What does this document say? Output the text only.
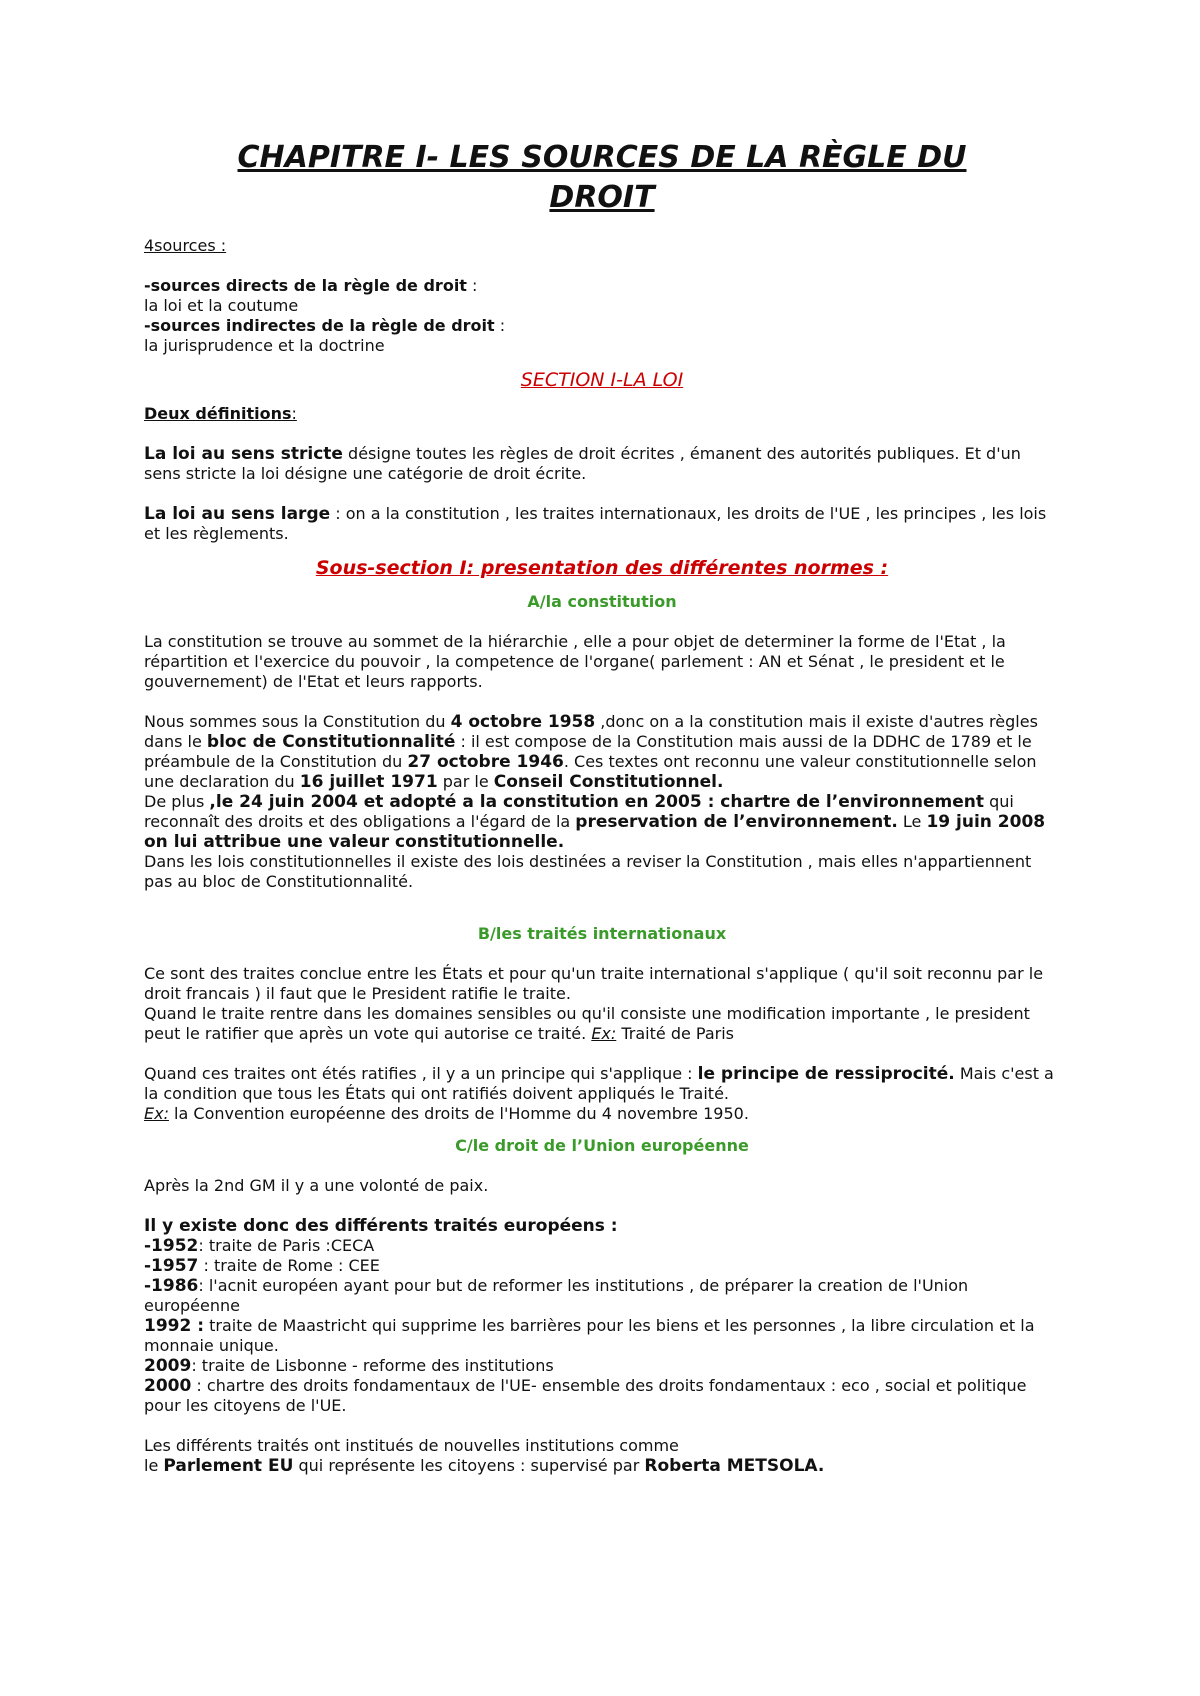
CHAPITRE I- LES SOURCES DE LA RÈGLE DU
DROIT

4sources :

-sources directs de la règle de droit :

la loi et la coutume

-sources indirectes de la règle de droit :

la jurisprudence et la doctrine

SECTION I-LA LOI

Deux définitions:

La loi au sens stricte désigne toutes les règles de droit écrites , émanent des autorités publiques. Et d'un sens stricte la loi désigne une catégorie de droit écrite.

La loi au sens large : on a la constitution , les traites internationaux, les droits de l'UE , les principes , les lois et les règlements.

Sous-section I: presentation des différentes normes :

A/la constitution

La constitution se trouve au sommet de la hiérarchie , elle a pour objet de determiner la forme de l'Etat , la répartition et l'exercice du pouvoir , la competence de l'organe( parlement : AN et Sénat , le president et le gouvernement) de l'Etat et leurs rapports.

Nous sommes sous la Constitution du 4 octobre 1958 ,donc on a la constitution mais il existe d'autres règles dans le bloc de Constitutionnalité : il est compose de la Constitution mais aussi de la DDHC de 1789 et le préambule de la Constitution du 27 octobre 1946. Ces textes ont reconnu une valeur constitutionnelle selon une declaration du 16 juillet 1971 par le Conseil Constitutionnel.

De plus ,le 24 juin 2004 et adopté a la constitution en 2005 : chartre de l’environnement qui reconnaît des droits et des obligations a l'égard de la preservation de l’environnement. Le 19 juin 2008 on lui attribue une valeur constitutionnelle.

Dans les lois constitutionnelles il existe des lois destinées a reviser la Constitution , mais elles n'appartiennent pas au bloc de Constitutionnalité.

B/les traités internationaux

Ce sont des traites conclue entre les États et pour qu'un traite international s'applique ( qu'il soit reconnu par le droit francais ) il faut que le President ratifie le traite.
Quand le traite rentre dans les domaines sensibles ou qu'il consiste une modification importante , le president peut le ratifier que après un vote qui autorise ce traité. Ex: Traité de Paris

Quand ces traites ont étés ratifies , il y a un principe qui s'applique : le principe de ressiprocité. Mais c'est a la condition que tous les États qui ont ratifiés doivent appliqués le Traité.
Ex: la Convention européenne des droits de l'Homme du 4 novembre 1950.

C/le droit de l’Union européenne

Après la 2nd GM il y a une volonté de paix.

Il y existe donc des différents traités européens :

-1952: traite de Paris :CECA

-1957 : traite de Rome : CEE

-1986: l'acnit européen ayant pour but de reformer les institutions , de préparer la creation de l'Union européenne

1992 : traite de Maastricht qui supprime les barrières pour les biens et les personnes , la libre circulation et la monnaie unique.

2009: traite de Lisbonne - reforme des institutions

2000 : chartre des droits fondamentaux de l'UE- ensemble des droits fondamentaux : eco , social et politique pour les citoyens de l'UE.

Les différents traités ont institués de nouvelles institutions comme
le Parlement EU qui représente les citoyens : supervisé par Roberta METSOLA.
